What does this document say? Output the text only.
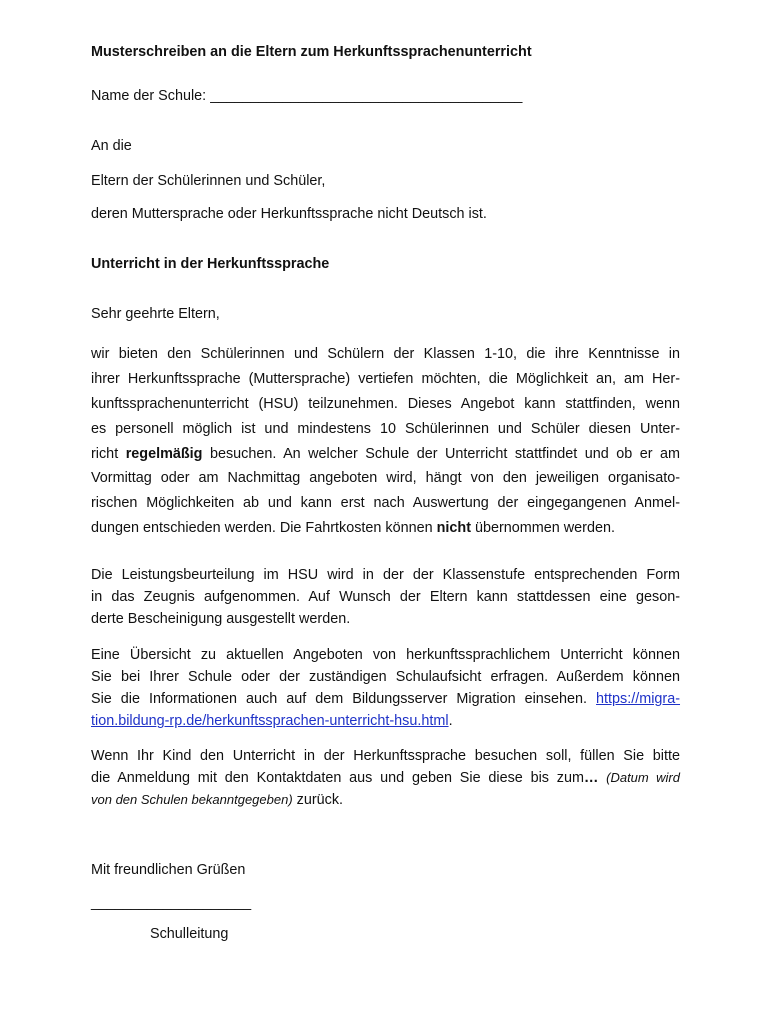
Musterschreiben an die Eltern zum Herkunftssprachenunterricht
Name der Schule: _______________________________________
An die
Eltern der Schülerinnen und Schüler,
deren Muttersprache oder Herkunftssprache nicht Deutsch ist.
Unterricht in der Herkunftssprache
Sehr geehrte Eltern,
wir bieten den Schülerinnen und Schülern der Klassen 1-10, die ihre Kenntnisse in
ihrer Herkunftssprache (Muttersprache) vertiefen möchten, die Möglichkeit an, am Her-
kunftssprachenunterricht (HSU) teilzunehmen. Dieses Angebot kann stattfinden, wenn
es personell möglich ist und mindestens 10 Schülerinnen und Schüler diesen Unter-
richt regelmäßig besuchen. An welcher Schule der Unterricht stattfindet und ob er am
Vormittag oder am Nachmittag angeboten wird, hängt von den jeweiligen organisato-
rischen Möglichkeiten ab und kann erst nach Auswertung der eingegangenen Anmel-
dungen entschieden werden. Die Fahrtkosten können nicht übernommen werden.
Die Leistungsbeurteilung im HSU wird in der der Klassenstufe entsprechenden Form
in das Zeugnis aufgenommen. Auf Wunsch der Eltern kann stattdessen eine geson-
derte Bescheinigung ausgestellt werden.
Eine Übersicht zu aktuellen Angeboten von herkunftssprachlichem Unterricht können
Sie bei Ihrer Schule oder der zuständigen Schulaufsicht erfragen. Außerdem können
Sie die Informationen auch auf dem Bildungsserver Migration einsehen. https://migra-
tion.bildung-rp.de/herkunftssprachen-unterricht-hsu.html.
Wenn Ihr Kind den Unterricht in der Herkunftssprache besuchen soll, füllen Sie bitte
die Anmeldung mit den Kontaktdaten aus und geben Sie diese bis zum… (Datum wird
von den Schulen bekanntgegeben) zurück.
Mit freundlichen Grüßen
____________________
Schulleitung
